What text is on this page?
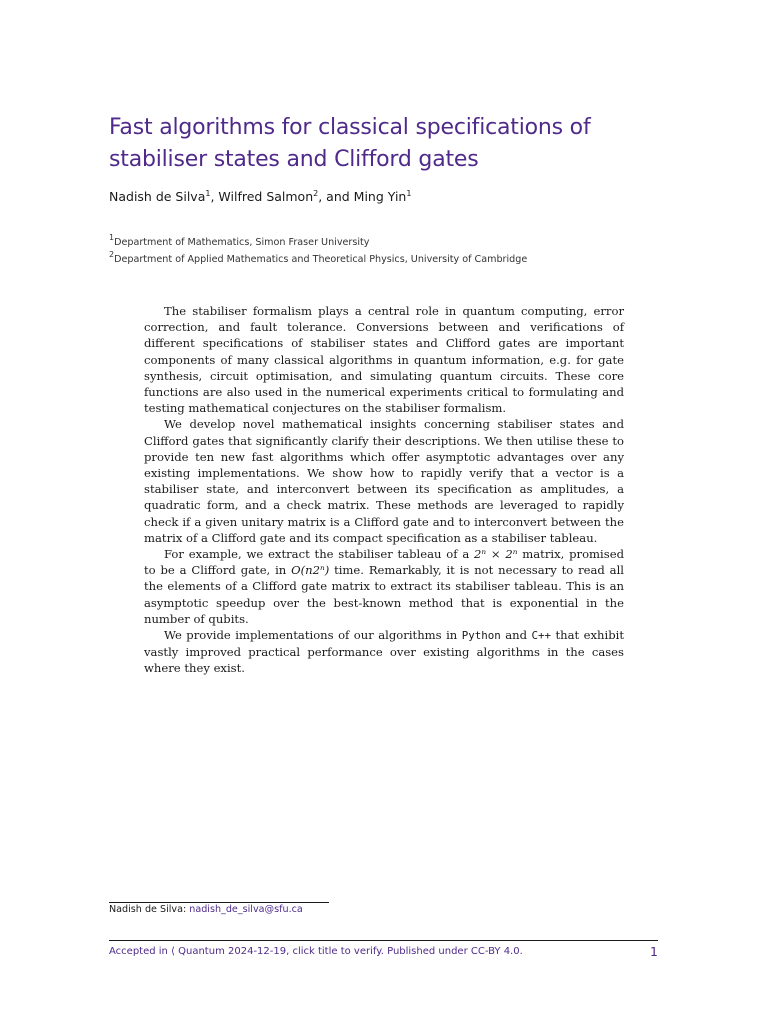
Fast algorithms for classical specifications of stabiliser states and Clifford gates
Nadish de Silva$^1$, Wilfred Salmon$^2$, and Ming Yin$^1$
$^1$Department of Mathematics, Simon Fraser University
$^2$Department of Applied Mathematics and Theoretical Physics, University of Cambridge

The stabiliser formalism plays a central role in quantum computing, error correction, and fault tolerance. Conversions between and verifications of different specifications of stabiliser states and Clifford gates are important components of many classical algorithms in quantum information, e.g. for gate synthesis, circuit optimisation, and simulating quantum circuits. These core functions are also used in the numerical experiments critical to formulating and testing mathematical conjectures on the stabiliser formalism.

We develop novel mathematical insights concerning stabiliser states and Clifford gates that significantly clarify their descriptions. We then utilise these to provide ten new fast algorithms which offer asymptotic advantages over any existing implementations. We show how to rapidly verify that a vector is a stabiliser state, and interconvert between its specification as amplitudes, a quadratic form, and a check matrix. These methods are leveraged to rapidly check if a given unitary matrix is a Clifford gate and to interconvert between the matrix of a Clifford gate and its compact specification as a stabiliser tableau.

For example, we extract the stabiliser tableau of a 2ⁿ × 2ⁿ matrix, promised to be a Clifford gate, in O(n2ⁿ) time. Remarkably, it is not necessary to read all the elements of a Clifford gate matrix to extract its stabiliser tableau. This is an asymptotic speedup over the best-known method that is exponential in the number of qubits.

We provide implementations of our algorithms in Python and C++ that exhibit vastly improved practical performance over existing algorithms in the cases where they exist.

Nadish de Silva: nadish_de_silva@sfu.ca
Accepted in ⟨ Quantum 2024-12-19, click title to verify. Published under CC-BY 4.0.	1
